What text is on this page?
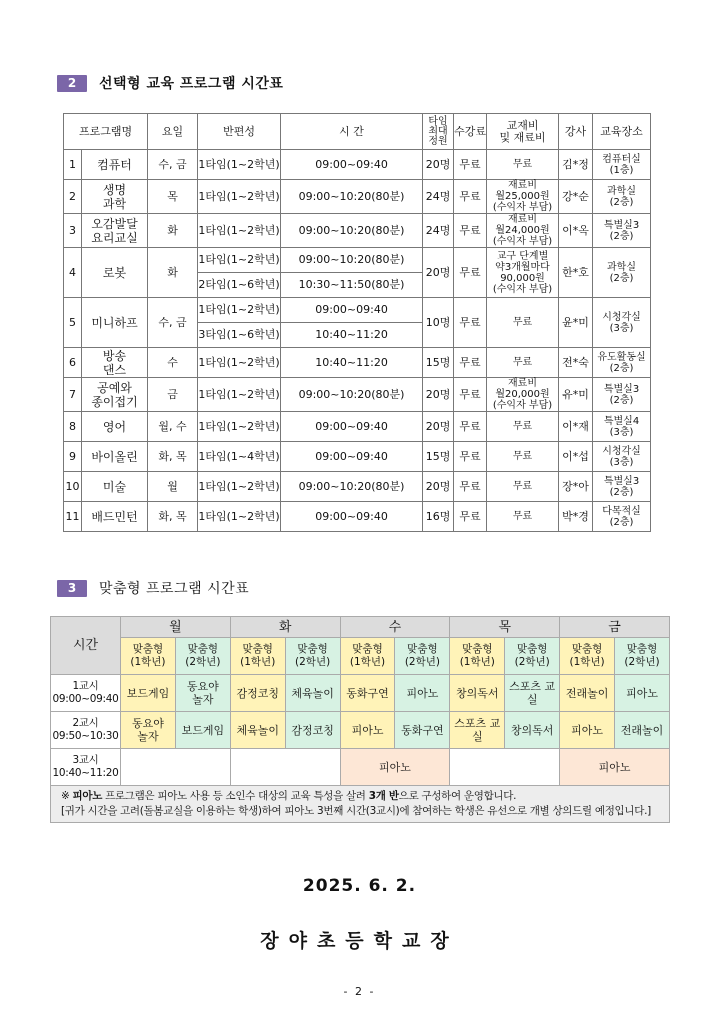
2	선택형 교육 프로그램 시간표
프로그램명		요일	반편성	시 간	타임
최대
정원	수강료	교재비
및 재료비	강사	교육장소
1	컴퓨터	수, 금	1타임(1~2학년)	09:00~09:40	20명	무료	무료	김*정	컴퓨터실
(1층)
2	생명
과학	목	1타임(1~2학년)	09:00~10:20(80분)	24명	무료	재료비
월25,000원
(수익자 부담)	강*순	과학실
(2층)
3	오감발달
요리교실	화	1타임(1~2학년)	09:00~10:20(80분)	24명	무료	재료비
월24,000원
(수익자 부담)	이*옥	특별실3
(2층)
4	로봇	화	1타임(1~2학년)	09:00~10:20(80분)	20명	무료	교구 단계별
약3개월마다
90,000원
(수익자 부담)	한*호	과학실
(2층)
			2타임(1~6학년)	10:30~11:50(80분)					
5	미니하프	수, 금	1타임(1~2학년)	09:00~09:40	10명	무료	무료	윤*미	시청각실
(3층)
			3타임(1~6학년)	10:40~11:20					
6	방송
댄스	수	1타임(1~2학년)	10:40~11:20	15명	무료	무료	전*숙	유도활동실
(2층)
7	공예와
종이접기	금	1타임(1~2학년)	09:00~10:20(80분)	20명	무료	재료비
월20,000원
(수익자 부담)	유*미	특별실3
(2층)
8	영어	월, 수	1타임(1~2학년)	09:00~09:40	20명	무료	무료	이*재	특별실4
(3층)
9	바이올린	화, 목	1타임(1~4학년)	09:00~09:40	15명	무료	무료	이*섭	시청각실
(3층)
10	미술	월	1타임(1~2학년)	09:00~10:20(80분)	20명	무료	무료	장*아	특별실3
(2층)
11	배드민턴	화, 목	1타임(1~2학년)	09:00~09:40	16명	무료	무료	박*경	다목적실
(2층)
3	맞춤형 프로그램 시간표
시간	월		화		수		목		금	
	맞춤형
(1학년)	맞춤형
(2학년)	맞춤형
(1학년)	맞춤형
(2학년)	맞춤형
(1학년)	맞춤형
(2학년)	맞춤형
(1학년)	맞춤형
(2학년)	맞춤형
(1학년)	맞춤형
(2학년)
1교시
09:00~09:40	보드게임	동요야
놀자	감정코칭	체육놀이	동화구연	피아노	창의독서	스포츠 교실	전래놀이	피아노
2교시
09:50~10:30	동요야
놀자	보드게임	체육놀이	감정코칭	피아노	동화구연	스포츠 교실	창의독서	피아노	전래놀이
3교시
10:40~11:20					피아노				피아노	

※ 피아노 프로그램은 피아노 사용 등 소인수 대상의 교육 특성을 살려 3개 반으로 구성하여 운영합니다.
[귀가 시간을 고려(돌봄교실을 이용하는 학생)하여 피아노 3번째 시간(3교시)에 참여하는 학생은 유선으로 개별 상의드릴 예정입니다.]										
2025. 6. 2.
장야초등학교장
- 2 -
